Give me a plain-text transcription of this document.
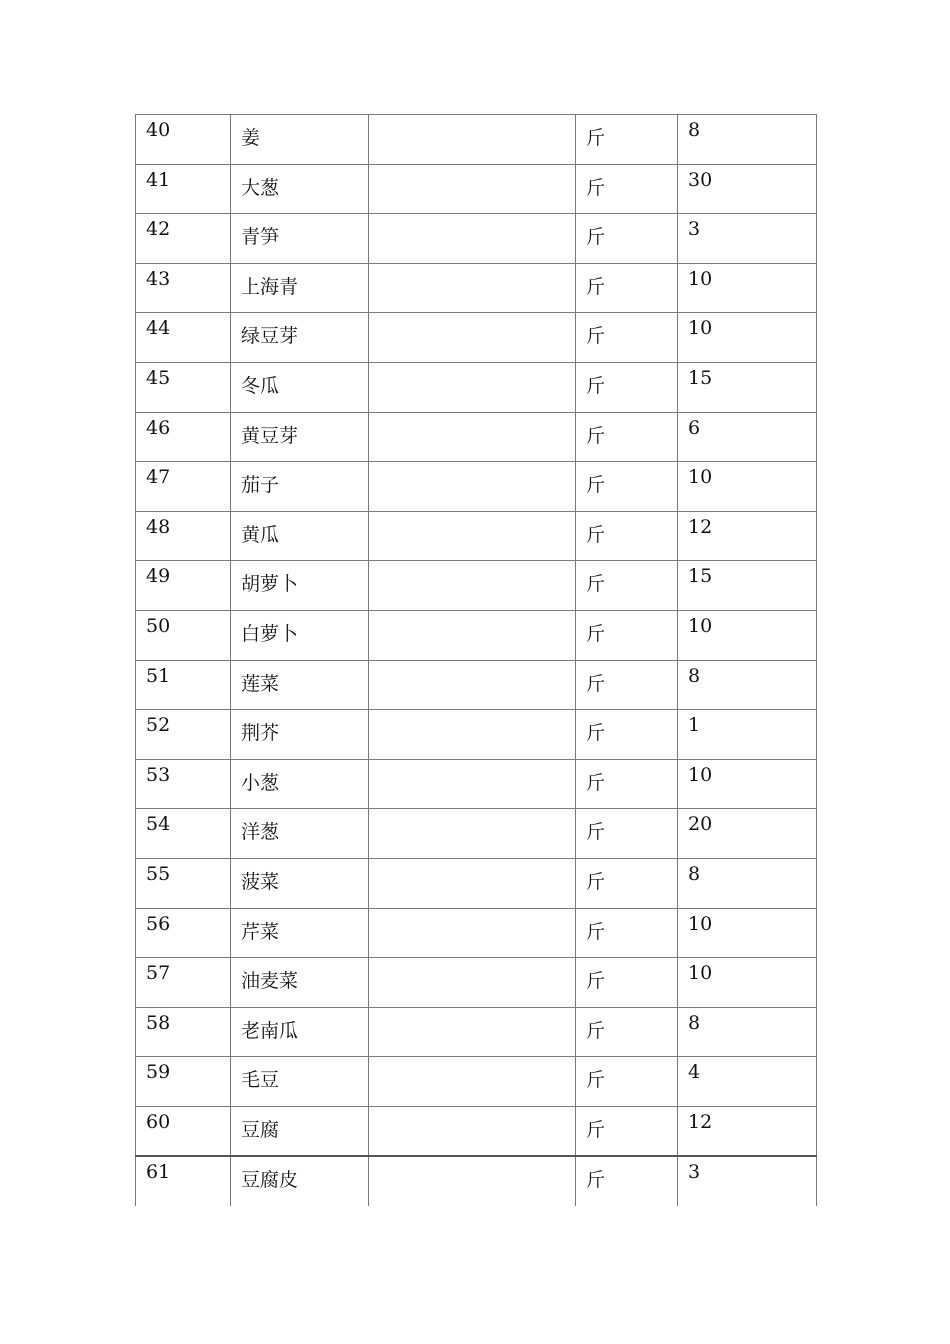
40	姜		斤	8
41	大葱		斤	30
42	青笋		斤	3
43	上海青		斤	10
44	绿豆芽		斤	10
45	冬瓜		斤	15
46	黄豆芽		斤	6
47	茄子		斤	10
48	黄瓜		斤	12
49	胡萝卜		斤	15
50	白萝卜		斤	10
51	莲菜		斤	8
52	荆芥		斤	1
53	小葱		斤	10
54	洋葱		斤	20
55	菠菜		斤	8
56	芹菜		斤	10
57	油麦菜		斤	10
58	老南瓜		斤	8
59	毛豆		斤	4
60	豆腐		斤	12
61	豆腐皮		斤	3
